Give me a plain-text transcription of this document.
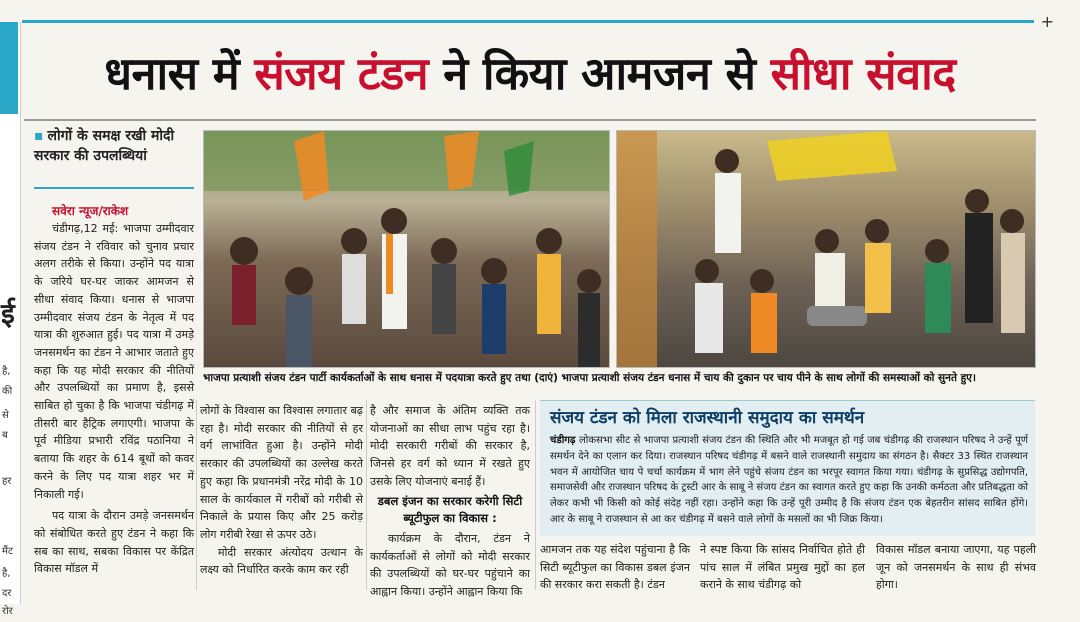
+
ई
है,
की
से
ब
हर
मैंट
है,
दर
रोर
धनास में संजय टंडन ने किया आमजन से सीधा संवाद
▪ लोगों के समक्ष रखी मोदी सरकार की उपलब्धियां
सवेरा न्यूज/राकेश
चंडीगढ़,12 मई: भाजपा उम्मीदवार संजय टंडन ने रविवार को चुनाव प्रचार अलग तरीके से किया। उन्होंने पद यात्रा के जरिये घर-घर जाकर आमजन से सीधा संवाद किया। धनास से भाजपा उम्मीदवार संजय टंडन के नेतृत्व में पद यात्रा की शुरुआत हुई। पद यात्रा में उमड़े जनसमर्थन का टंडन ने आभार जताते हुए कहा कि यह मोदी सरकार की नीतियों और उपलब्धियों का प्रमाण है, इससे साबित हो चुका है कि भाजपा चंडीगढ़ में तीसरी बार हैट्रिक लगाएगी। भाजपा के पूर्व मीडिया प्रभारी रविंद्र पठानिया ने बताया कि शहर के 614 बूथों को कवर करने के लिए पद यात्रा शहर भर में निकाली गई।
पद यात्रा के दौरान उमड़े जनसमर्थन को संबोधित करते हुए टंडन ने कहा कि सब का साथ, सबका विकास पर केंद्रित विकास मॉडल में
भाजपा प्रत्याशी संजय टंडन पार्टी कार्यकर्ताओं के साथ धनास में पदयात्रा करते हुए तथा (दाएं) भाजपा प्रत्याशी संजय टंडन धनास में चाय की दुकान पर चाय पीने के साथ लोगों की समस्याओं को सुनते हुए।
लोगों के विश्वास का विश्वास लगातार बढ़ रहा है। मोदी सरकार की नीतियों से हर वर्ग लाभांवित हुआ है। उन्होंने मोदी सरकार की उपलब्धियों का उल्लेख करते हुए कहा कि प्रधानमंत्री नरेंद्र मोदी के 10 साल के कार्यकाल में गरीबों को गरीबी से निकाले के प्रयास किए और 25 करोड़ लोग गरीबी रेखा से ऊपर उठे।
मोदी सरकार अंत्योदय उत्थान के लक्ष्य को निर्धारित करके काम कर रही
है और समाज के अंतिम व्यक्ति तक योजनाओं का सीधा लाभ पहुंच रहा है। मोदी सरकारी गरीबों की सरकार है, जिनसे हर वर्ग को ध्यान में रखते हुए उसके लिए योजनाएं बनाई हैं।
डबल इंजन का सरकार करेगी सिटी ब्यूटीफुल का विकास :
कार्यक्रम के दौरान, टंडन ने कार्यकर्ताओं से लोगों को मोदी सरकार की उपलब्धियों को घर-घर पहुंचाने का आह्वान किया। उन्होंने आह्वान किया कि
संजय टंडन को मिला राजस्थानी समुदाय का समर्थन
चंडीगढ़ लोकसभा सीट से भाजपा प्रत्याशी संजय टंडन की स्थिति और भी मजबूत हो गई जब चंडीगढ़ की राजस्थान परिषद ने उन्हें पूर्ण समर्थन देने का एलान कर दिया। राजस्थान परिषद चंडीगढ़ में बसने वाले राजस्थानी समुदाय का संगठन है। सैक्टर 33 स्थित राजस्थान भवन में आयोजित चाय पे चर्चा कार्यक्रम में भाग लेने पहुंचे संजय टंडन का भरपूर स्वागत किया गया। चंडीगढ़ के सुप्रसिद्ध उद्योगपति, समाजसेवी और राजस्थान परिषद के ट्रस्टी आर के साबू ने संजय टंडन का स्वागत करते हुए कहा कि उनकी कर्मठता और प्रतिबद्धता को लेकर कभी भी किसी को कोई संदेह नहीं रहा। उन्होंने कहा कि उन्हें पूरी उम्मीद है कि संजय टंडन एक बेहतरीन सांसद साबित होंगे। आर के साबू ने राजस्थान से आ कर चंडीगढ़ में बसने वाले लोगों के मसलों का भी जिक्र किया।
आमजन तक यह संदेश पहुंचाना है कि सिटी ब्यूटीफुल का विकास डबल इंजन की सरकार करा सकती है। टंडन
ने स्पष्ट किया कि सांसद निर्वाचित होते ही पांच साल में लंबित प्रमुख मुद्दों का हल कराने के साथ चंडीगढ़ को
विकास मॉडल बनाया जाएगा, यह पहली जून को जनसमर्थन के साथ ही संभव होगा।
